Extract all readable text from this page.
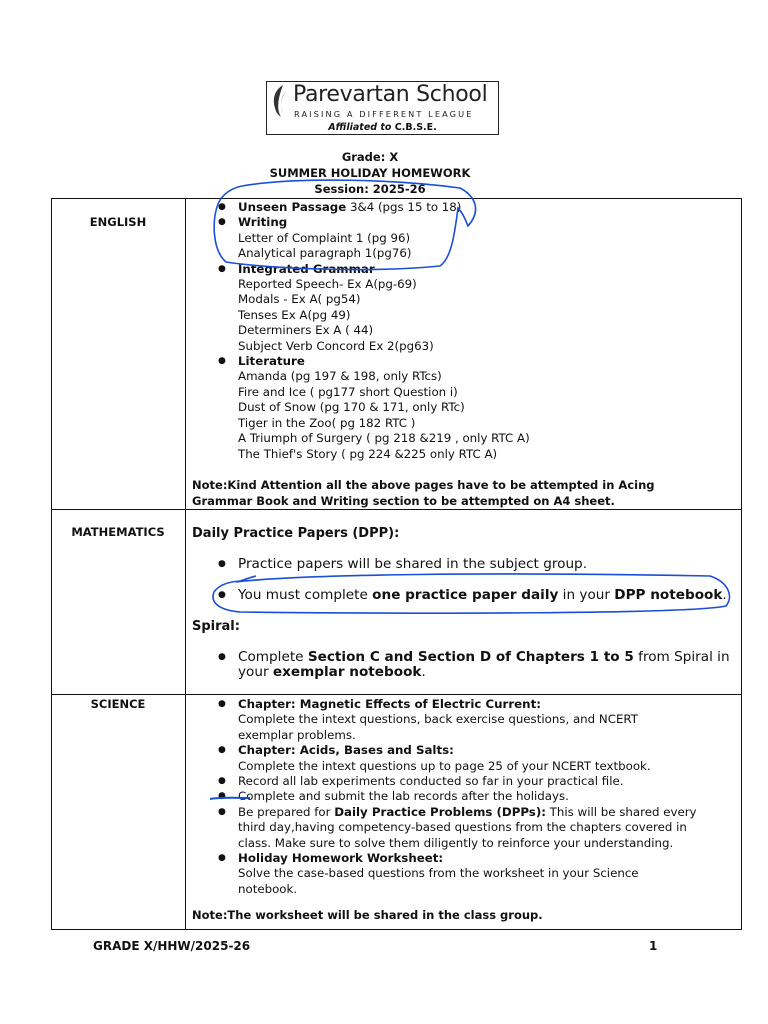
Parevartan School
RAISING A DIFFERENT LEAGUE
Affiliated to C.B.S.E.
Grade: X
SUMMER HOLIDAY HOMEWORK
Session: 2025-26
ENGLISH
● Unseen Passage 3&4 (pgs 15 to 18)
● Writing
Letter of Complaint 1 (pg 96)
Analytical paragraph 1(pg76)
● Integrated Grammar
Reported Speech- Ex A(pg-69)
Modals - Ex A( pg54)
Tenses Ex A(pg 49)
Determiners Ex A ( 44)
Subject Verb Concord Ex 2(pg63)
● Literature
Amanda (pg 197 & 198, only RTcs)
Fire and Ice ( pg177 short Question i)
Dust of Snow (pg 170 & 171, only RTc)
Tiger in the Zoo( pg 182 RTC )
A Triumph of Surgery ( pg 218 &219 , only RTC A)
The Thief's Story ( pg 224 &225 only RTC A)
Note:Kind Attention all the above pages have to be attempted in Acing
Grammar Book and Writing section to be attempted on A4 sheet.
MATHEMATICS	Daily Practice Papers (DPP):
● Practice papers will be shared in the subject group.
● You must complete one practice paper daily in your DPP notebook.
Spiral:
● Complete Section C and Section D of Chapters 1 to 5 from Spiral in
your exemplar notebook.
SCIENCE
●	Chapter: Magnetic Effects of Electric Current:
Complete the intext questions, back exercise questions, and NCERT
exemplar problems.
● Chapter: Acids, Bases and Salts:
Complete the intext questions up to page 25 of your NCERT textbook.
● Record all lab experiments conducted so far in your practical file.
● Complete and submit the lab records after the holidays.
● Be prepared for Daily Practice Problems (DPPs): This will be shared every
third day,having competency-based questions from the chapters covered in
class. Make sure to solve them diligently to reinforce your understanding.
● Holiday Homework Worksheet:
Solve the case-based questions from the worksheet in your Science
notebook.
Note:The worksheet will be shared in the class group.
GRADE X/HHW/2025-26	1
